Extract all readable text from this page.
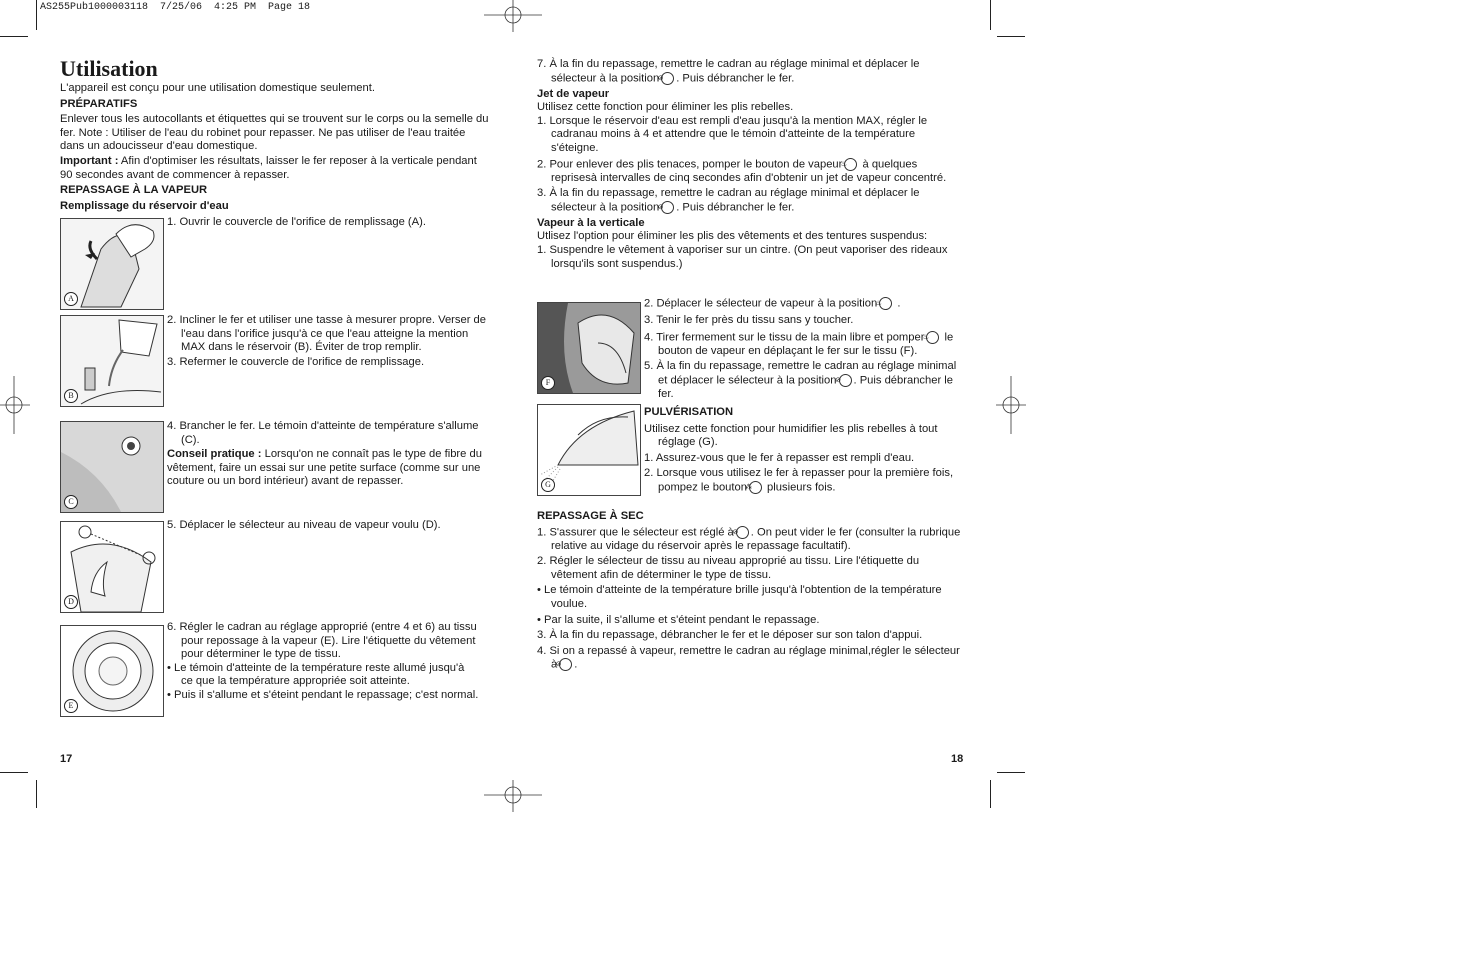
AS255Pub1000003118  7/25/06  4:25 PM  Page 18
Utilisation

L'appareil est conçu pour une utilisation domestique seulement.

PRÉPARATIFS

Enlever tous les autocollants et étiquettes qui se trouvent sur le corps ou la semelle du fer. Note : Utiliser de l'eau du robinet pour repasser. Ne pas utiliser de l'eau traitée dans un adoucisseur d'eau domestique.

Important : Afin d'optimiser les résultats, laisser le fer reposer à la verticale pendant 90 secondes avant de commencer à repasser.

REPASSAGE À LA VAPEUR

Remplissage du réservoir d'eau

A
1. Ouvrir le couvercle de l'orifice de remplissage (A).
B

2. Incliner le fer et utiliser une tasse à mesurer propre. Verser de l'eau dans l'orifice jusqu'à ce que l'eau atteigne la mention MAX dans le réservoir (B). Éviter de trop remplir.

3. Refermer le couvercle de l'orifice de remplissage.

C

4. Brancher le fer. Le témoin d'atteinte de température s'allume (C).

Conseil pratique : Lorsqu'on ne connaît pas le type de fibre du vêtement, faire un essai sur une petite surface (comme sur une couture ou un bord intérieur) avant de repasser.

D
5. Déplacer le sélecteur au niveau de vapeur voulu (D).
E

6. Régler le cadran au réglage approprié (entre 4 et 6) au tissu pour repossage à la vapeur (E). Lire l'étiquette du vêtement pour déterminer le type de tissu.

• Le témoin d'atteinte de la température reste allumé jusqu'à ce que la température appropriée soit atteinte.

• Puis il s'allume et s'éteint pendant le repassage; c'est normal.

17

7. À la fin du repassage, remettre le cadran au réglage minimal et déplacer le sélecteur à la position⊘ . Puis débrancher le fer.

Jet de vapeur

Utilisez cette fonction pour éliminer les plis rebelles.

1. Lorsque le réservoir d'eau est rempli d'eau jusqu'à la mention MAX, régler le cadranau moins à 4 et attendre que le témoin d'atteinte de la température s'éteigne.

2. Pour enlever des plis tenaces, pomper le bouton de vapeur♨ à quelques reprisesà intervalles de cinq secondes afin d'obtenir un jet de vapeur concentré.

3. À la fin du repassage, remettre le cadran au réglage minimal et déplacer le sélecteur à la position⊘ . Puis débrancher le fer.

Vapeur à la verticale

Utlisez l'option pour éliminer les plis des vêtements et des tentures suspendus:

1. Suspendre le vêtement à vaporiser sur un cintre. (On peut vaporiser des rideaux lorsqu'ils sont suspendus.)

F

2. Déplacer le sélecteur de vapeur à la position♨ .

3. Tenir le fer près du tissu sans y toucher.

4. Tirer fermement sur le tissu de la main libre et pomper♨ le bouton de vapeur en déplaçant le fer sur le tissu (F).

5. À la fin du repassage, remettre le cadran au réglage minimal et déplacer le sélecteur à la position⊘ . Puis débrancher le fer.

G

PULVÉRISATION

Utilisez cette fonction pour humidifier les plis rebelles à tout réglage (G).

1. Assurez-vous que le fer à repasser est rempli d'eau.

2. Lorsque vous utilisez le fer à repasser pour la première fois, pompez le bouton⁂ plusieurs fois.

REPASSAGE À SEC

1. S'assurer que le sélecteur est réglé à⊘ . On peut vider le fer (consulter la rubrique relative au vidage du réservoir après le repassage facultatif).

2. Régler le sélecteur de tissu au niveau approprié au tissu. Lire l'étiquette du vêtement afin de déterminer le type de tissu.

• Le témoin d'atteinte de la température brille jusqu'à l'obtention de la température voulue.

• Par la suite, il s'allume et s'éteint pendant le repassage.

3. À la fin du repassage, débrancher le fer et le déposer sur son talon d'appui.

4. Si on a repassé à vapeur, remettre le cadran au réglage minimal,régler le sélecteur à⊘ .

18
